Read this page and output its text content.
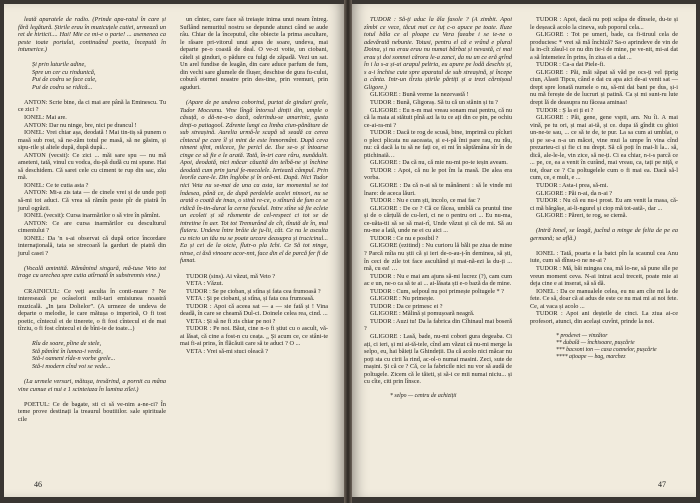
leată aparatele de radio. (Prinde apa-ratul în care și fără legătură. Știrile erau în muzicuțele cutiei, urmează un ret de hirticii.... Hai! Mie ce mi-e o parte! ... asemenea ca peste toate portului, continuând poetia, începută în intunerice.)

Și prin luturile adine,

Spre un cer cu rindunică,

Pui de codru se face cale,

Pui de codru se ridică...

ANTON: Scrie bine, da ci mai are până la Eminescu. Tu ce zici ?

IONEL: Mai are.

ANTON: Dar nu ninge, bre, nici pe drancul !

IONEL: Vrei chiar așa, deodată ! Mai tin-tiș să punem o masă sub rost, să ne-zăm totul pe masă, să ne găsim, și sipu-rile și altele după, după după...

ANTON (vecsit): Ce zici ... măi sare spu — nu mă ameteni, tată, vinul cu vodca, du-pă dudă cu mi spune. Hai să deschidem. Că sarei cele cu ciment te rup din sac, zău mă.

IONEL: Ce te cutia asta ?

ANTON: Mi-a zis tata — de cinele vrei și de unde poți să-mi tot aduci. Că vrea să rămîn peste pîr de piatră în jurul ogrăzii.

IONEL (vecsit): Cursa inarmărilor o să vire în pămînt.

ANTON: Ce are cursa inarmărilor cu desculturul cimentului ?

IONEL: Da 'n s-ai observat că după orice încordare internaţională, tata se strecoară la garduri de piatră din jurul casei ?

(Vocală amintită. Rămânind singură, mă-tuse Veto tot trage cu urechea spre cutia atîrnată în substrennis vine.)

CRAINICUL: Ce veți asculta în conti-nuare ? Ne interesează pe ocâselorii mili-tari emisiunea noastră muzicală. „In țara Dolielor”. (A urmeze de undeva de departe o melodie, le care mătușa o imperioă, O fi tost poetic, cîntecul ei de tinerete, o fi fost cîntecul ei de mai tîrziu, o fi fost cîntecul ei de bîni-ie de toate...)

Rîu de soare, pîine de stele,

Stă pămînt în lumea-i verde,

Stă-i oameni rîde-n vorbe grele...

Stă-i modern cînd voi se vede...

(La urmele versuri, mătușa, tresărind, a pornit cu mâna vine cumue ei nui e 1 scinteiaza în lumina zilei.)

POETUL: Ce de bagate, sti ci să ve-nim a-ne-ci? În teme prove destinați la treaurul boutiiilor. sale spirituale cile

un cîntec, care face să treiaște inima unui neam întreg. Suflând nemuritul nostru se depunde atunci când se aude râu. Chiar de la începutul, cîte obiecte la prima ascultare, le răsare pri-vitorul unui apus de soare, undeva, mai departe pe-o coastă de deal. O ve-zi voite, un ciobani, câteli și ginduri, o pădure cu fulgi de zăpadă. Vezi un sat. Un arel fundise de leagăn, din care aduce parfum de fum, din vechi sare glumele de flușer, deschise de gura fu-cului, cobură eternei noastre prin des-tine, prin vremuri, prin aguduri.

(Apare de pe undeva coborind, purtat de ginduri grele, Tudor Moceanu. Vine lîngă întorsul dinții din, umple o căsuță, o dă-ne-a-o dacă, oderindu-se amarinic, gusta dinți-o patiagool. Zdrente lungi ca limba ciun-pănăture de sub streașină. Aurelia urmă-le scapă să seadă ca cerea cîntecul pe care îl și mint de este înmormânt. După ceva niment sfint, milcece, fie pericl de. Ilse se-o și întoarse cinge ce să fie e le arată. Tată, în-tri care râru, nunădulit. Apoi, deodată, nici măcar căuzită din telbă-ne și închine deodată cum prin jurul fe-mecalele. Iertează câmpul. Prin leorile care-le. Din înglobe și în oră-mi. După. Nici Tudor nici Veta nu se-mai de una ca asta, iar momentul se tot îndesea, până ce, de după perdelele acelei ninsori, nu se arată o coată de imas, o stină re-ce, o stînurâ de fum ce se ridică în-tin-durat la cerne foculul. Intre stîne să fie ecleie un ecoleti și să răsmente de cel-respect ci tot se de intretine în aer. Tot tot Tremurând de cît, tînută de în, mul fluieru. Undeva între brâie de ju-lii, căt. Ce nu le asculta cu nicio un tău nu se poate urcare deasupra și trucicinul... Ea și cei de la oicie, flutr-o pla Ichi. Ce Să tot ninge, ninse, ci ăsă vinoare acor-nnt, face din el de parcă fer fi de fumat.

TUDOR (sins). Ai văzut, mă Veto ?

VETA : Văzut.

TUDOR : Se pe cioban, și stîna și fata cea frumoasă ?

VETA : Și pe ciobani, și stîna, și fata cea frumoasă.

TUDOR : Apoi că aceea sat — a — sie fată și ! Vina deadă, în care se cheamă Dul-ci. Doinele celea rea, cind. ...

VETA : Și să ne fi zis chiar pe noi ?

TUDOR : Pe noi. Băut, cine n-o fi știut cu o ascult, vă-ai lăsat, că cine a fost-n cu ceața. „ Și acum ce, ce stâni-te mai fi-ai prins, în flăcăuii care să te aduci ? O ...

VETA : Vrei să-mi stuci oleacă ?

46

TUDOR : Să-ți aduc la ăla fasole ? (A zimbit. Apoi zîmbi ce vece, tăcut mai ce iuț c-o apuce pe toate. Iluze totul băla ce al ploape cu Vera faeabe i se ie-ne o adevărată nebunie. Totusi, pentru el că e vrând e plural Doina, și nu erau erau nu numai bărbat și nevastă, ci mai erau și doi somnei cărora le-a zanci, da nu un ce eră grînd în i la s-a și-ai arapul peltria, eu apure pe lodă deschis și, s a-i închise cute spre aparatul de sub streașină, și începe a cânta. Intr-un tîrziu știrile părtiți și a trezi cărnișoul Gligore.)

GLIGORE : Bună vreme Ia nezevastă !

TUDOR : Bună, Gligoraș. Să tu că un stănin și tu ?

GLIGORE : Eu n-m mai vreau sonam mai pentru, că nu că la maia ai stătuit pînă azi la tu ce ați din ce pin, pe ochiu ce-ai-ra-mi ?

TUDOR : Dacă te rog de scusă, bine, imprimă cu pîcluri o pleci plicata nu aaceasta, și e-i-pă îmi pare rau, nu rău, nu: că dacă la tu să ne fați ce, ei mi în săptămâna sîr în de ptichinaiă…

GLIGORE : Da că nu, că mie nu-mi po-te ieșin aveam.

TUDOR : Apoi, că nu le pot îm la masă. De alea era vorba.

GLIGORE : Da că n-ai să te mânăneni : să le vinde mi lnare: de aceca lăuri.

TUDOR : Nu e cum ști, incolo, ce mai fac ?

GLIGORE : De ce ? Că ce făcea, umblă ca pruntul tine și de o cărțulă de cu-leri, ci ne o pentru ori ... Eu nu-ma, ce-uăta-tii să se să mai-rî, Unde văzut și că de mi. Să au nu-me a lată, unde ne ei cu aici ...

TUDOR : Ce nu e posibil ?

GLIGORE (ezitind) : Nu curioru lă băli pe ziua de mine ? Parcă mîia nu știi că și ieri de-o-au-ț-în deminea, să ști, în ceci de zile tot face ascultând și mai-nă-ezi la du-ți ... mă, cu ea! …

TUDOR : Nu e mai am ajuns să-mi lucrez (?), cam cum ac e un, ne-o ca să te ai ... ai-lăsata ști e-o bază da de mine.

TUDOR : Cum, selpoul nu poi primește poltugele * ?

GLIGORE : Nu primește.

TUDOR : Da ce primesc ei ?

GLIGORE : Mălină și pomușoară neagră.

TUDOR : Auzi tu! Da la fabrica din Cîhinaul mai boseră ?

GLIGORE : Lasă, bade, nu-mi cobori gura degeaba. Ci ați, ci ieri, și mi ai-tă-tele, cînd am văzut că nu-mi merge la selpo, eu, hai băieți la Ghindeții. Da că acolo nici măcar nu poți sta cu cirii la rind, ac-ol-o numai masini. Zeci, sute de mașini. Și că ce ? Că, ce la fabricile nici nu vor să audă de poltugele. Zicem că le tăieti, și să-i ce mii numai niciu... și cu cîte, citi prin lînsce.

* selpo — centru de achiziții

TUDOR : Apoi, dacă nu poți scăpa de dînsele, du-te și le deșeacă acolo la cineva, sub poporul cela...

GLIGORE : Tot pe umeri, bade, ca fi-tiruul cela de produciesc * vrei să mă închiză? Sa-o aprindeve de vin de la in-cît zăsul-i ce nu din tie-i de mine, pe ve-nit, mi-ai dat a să întemeiez în prins, în ziua ei a dat ...

TUDOR : Ca-a dat Piele-fi.

GLIGORE : Păi, măi săpat să văd pe ocs-ți vel țiprig ciun, Alasti Tipcu, când e dai cu apa aici de-ai venit sat — drept spre lonată numele o nu, să-mi dai bani pe dus, și-i nu mă ferește de de lucruri și patină. Ca și mi sunt-ru lute drept lă de deasupra nu făceaa aminaa!

TUDOR : Ș la ei ți ei ?

GLIGORE : Păi, gene, gene vspii, am. Nu îi. A mai vină, pe tu ori, și mai ai-tă, și ce. dupa iă gîndit cu ghioi un-ne-te sau, ... ce să te de, te pur. La sa cum ai umblat, o și pe se-a n-a un măcei, vine mui la umpe în vina cînd prezarteu-ci și fie ci nu drept. Să că poți în mai-li la... să, dică, ale-le-le, vin zice, să ne-ți. Ci ea chiar, n-i-s parcă ce ... pe, ce, ea a venit în curând, mai vreau, ca, tați pe niță, e tot, doar ce ? Cu poltugelele cum o fi mai ea. Dacă să-l cum, ce, e mult, e ...

TUDOR : Asta-i prea, să-mi.

GLIGORE : Păi n-ai, da n-ai ?

TUDOR : Nu că eu nu-i prost. Eu am venit la masa, că-ci mă bărgășe, ai-li-ngurel și ciop mă tot-astă-, dar ...

GLIGORE : Păreri, te rog, se ciemă.

(Intră Ionel, se leagă, jucînd a minge de felia de pe ea germană; se află.)

IONEL : Tată, poarta e la batci pîn la scaunul cea Anu iute, cum să dînsu-o ne ne-ai ?

TUDOR : Mă, băi mingea cea, mă lo-ne, să pune sîle pe vreun moment ceva. N-ai intrat acul treceit, poate mie ai deja cine e ai inserat, să să dă.

IONEL : Da ce manualele celea, eu nu am cîte mi la de fete. Ce să, doar că ai adus de este ce nu mai mi ai noi fete. Ce, ai vaca și acolo ...

TUDOR : Apoi ani deșteile de cinci. La ziua ai-ce profesori, atunci, din același cuvînt, prinde la noi.

* prodevet — vinzător

** dubală — închisoare, pușcărie

*** bacsoni ton — casa cozmelor, pușcărie

**** ațioape — bag, marchez

47
